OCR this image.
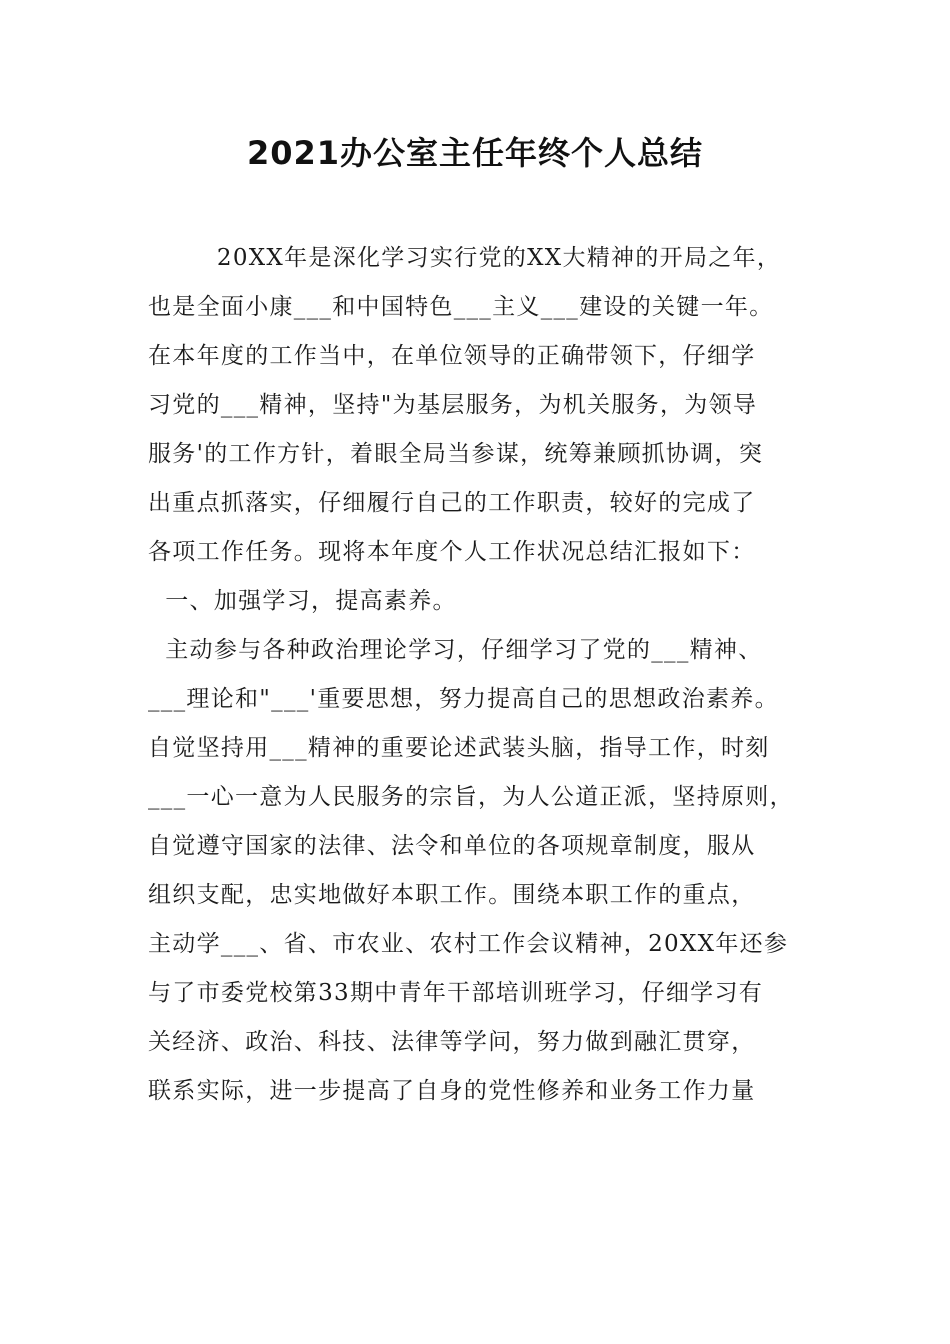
2021办公室主任年终个人总结
20XX年是深化学习实行党的XX大精神的开局之年，
也是全面小康___和中国特色___主义___建设的关键一年。
在本年度的工作当中，在单位领导的正确带领下，仔细学
习党的___精神，坚持"为基层服务，为机关服务，为领导
服务'的工作方针，着眼全局当参谋，统筹兼顾抓协调，突
出重点抓落实，仔细履行自己的工作职责，较好的完成了
各项工作任务。现将本年度个人工作状况总结汇报如下：
一、加强学习，提高素养。
主动参与各种政治理论学习，仔细学习了党的___精神、
___理论和"___'重要思想，努力提高自己的思想政治素养。
自觉坚持用___精神的重要论述武装头脑，指导工作，时刻
___一心一意为人民服务的宗旨，为人公道正派，坚持原则，
自觉遵守国家的法律、法令和单位的各项规章制度，服从
组织支配，忠实地做好本职工作。围绕本职工作的重点，
主动学___、省、市农业、农村工作会议精神，20XX年还参
与了市委党校第33期中青年干部培训班学习，仔细学习有
关经济、政治、科技、法律等学问，努力做到融汇贯穿，
联系实际，进一步提高了自身的党性修养和业务工作力量
